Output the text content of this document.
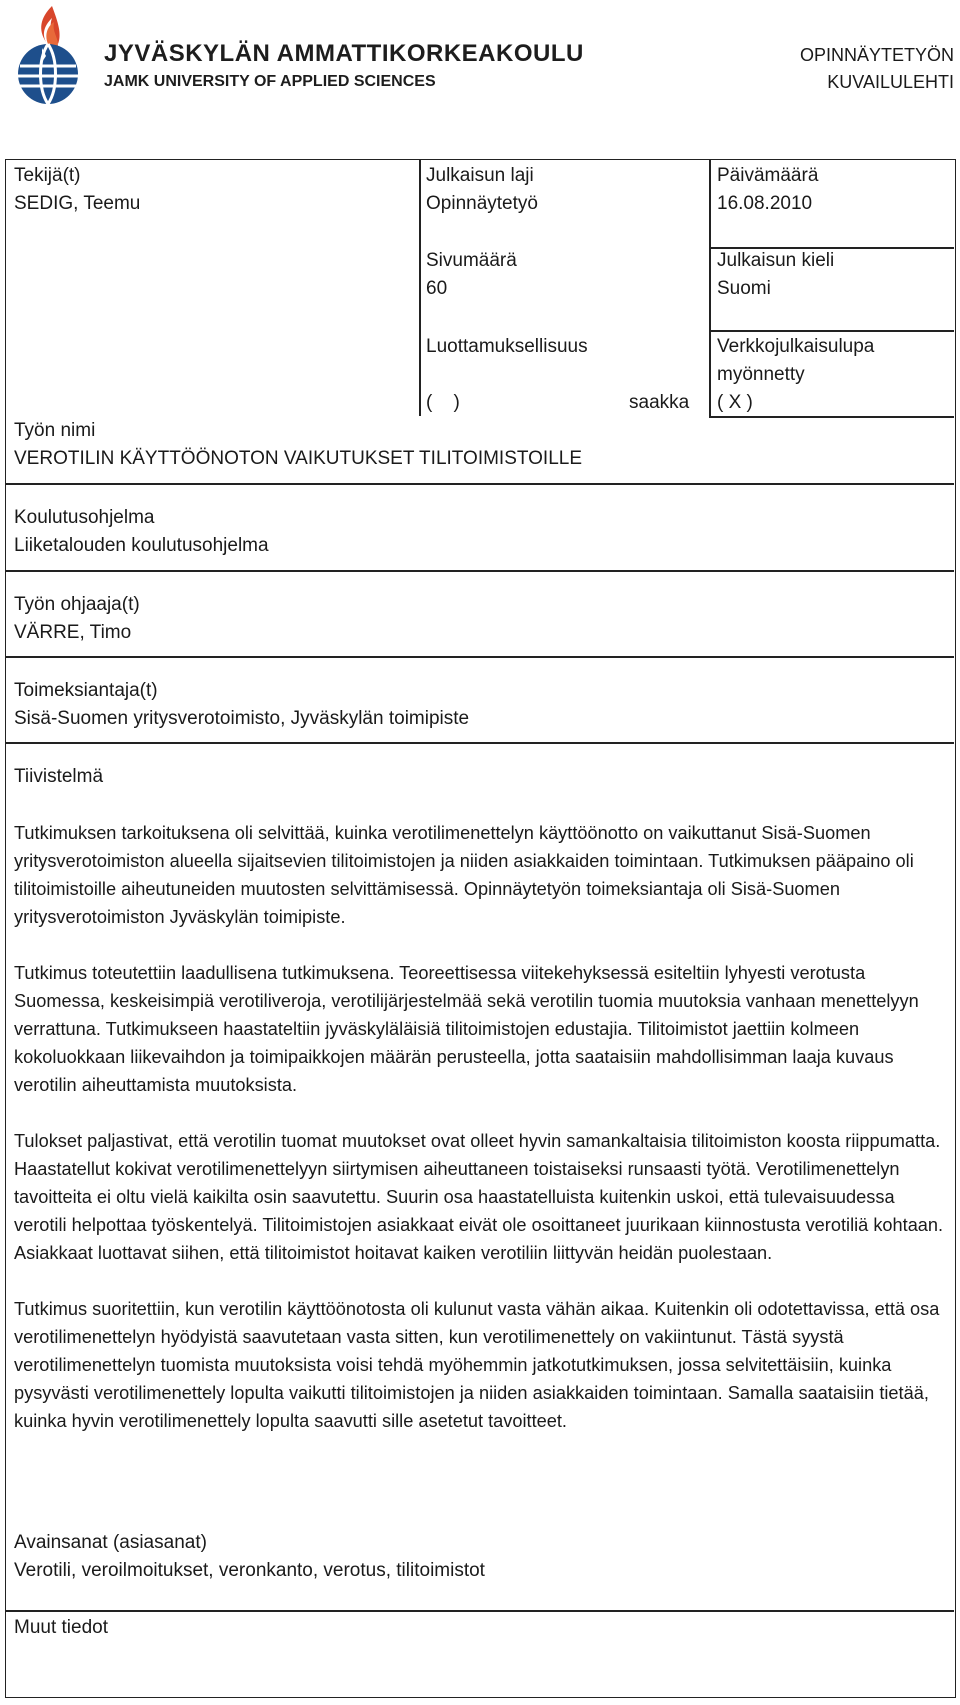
JYVÄSKYLÄN AMMATTIKORKEAKOULU
JAMK UNIVERSITY OF APPLIED SCIENCES
OPINNÄYTETYÖN
KUVAILULEHTI
Tekijä(t)
SEDIG, Teemu
Julkaisun laji
Opinnäytetyö
Päivämäärä
16.08.2010
Sivumäärä
60
Julkaisun kieli
Suomi
Luottamuksellisuus
(    )	saakka
Verkkojulkaisulupa
myönnetty
( X )
Työn nimi
VEROTILIN KÄYTTÖÖNOTON VAIKUTUKSET TILITOIMISTOILLE
Koulutusohjelma
Liiketalouden koulutusohjelma
Työn ohjaaja(t)
VÄRRE, Timo
Toimeksiantaja(t)
Sisä-Suomen yritysverotoimisto, Jyväskylän toimipiste
Tiivistelmä

Tutkimuksen tarkoituksena oli selvittää, kuinka verotilimenettelyn käyttöönotto on vaikuttanut Sisä-Suomen yritysverotoimiston alueella sijaitsevien tilitoimistojen ja niiden asiakkaiden toimintaan. Tutkimuksen pääpaino oli tilitoimistoille aiheutuneiden muutosten selvittämisessä. Opinnäytetyön toimeksiantaja oli Sisä-Suomen yritysverotoimiston Jyväskylän toimipiste.

Tutkimus toteutettiin laadullisena tutkimuksena. Teoreettisessa viitekehyksessä esiteltiin lyhyesti verotusta Suomessa, keskeisimpiä verotiliveroja, verotilijärjestelmää sekä verotilin tuomia muutoksia vanhaan menettelyyn verrattuna. Tutkimukseen haastateltiin jyväskyläläisiä tilitoimistojen edustajia. Tilitoimistot jaettiin kolmeen kokoluokkaan liikevaihdon ja toimipaikkojen määrän perusteella, jotta saataisiin mahdollisimman laaja kuvaus verotilin aiheuttamista muutoksista.

Tulokset paljastivat, että verotilin tuomat muutokset ovat olleet hyvin samankaltaisia tilitoimiston koosta riippumatta. Haastatellut kokivat verotilimenettelyyn siirtymisen aiheuttaneen toistaiseksi runsaasti työtä. Verotilimenettelyn tavoitteita ei oltu vielä kaikilta osin saavutettu. Suurin osa haastatelluista kuitenkin uskoi, että tulevaisuudessa verotili helpottaa työskentelyä. Tilitoimistojen asiakkaat eivät ole osoittaneet juurikaan kiinnostusta verotiliä kohtaan. Asiakkaat luottavat siihen, että tilitoimistot hoitavat kaiken verotiliin liittyvän heidän puolestaan.

Tutkimus suoritettiin, kun verotilin käyttöönotosta oli kulunut vasta vähän aikaa. Kuitenkin oli odotettavissa, että osa verotilimenettelyn hyödyistä saavutetaan vasta sitten, kun verotilimenettely on vakiintunut. Tästä syystä verotilimenettelyn tuomista muutoksista voisi tehdä myöhemmin jatkotutkimuksen, jossa selvitettäisiin, kuinka pysyvästi verotilimenettely lopulta vaikutti tilitoimistojen ja niiden asiakkaiden toimintaan. Samalla saataisiin tietää, kuinka hyvin verotilimenettely lopulta saavutti sille asetetut tavoitteet.

Avainsanat (asiasanat)
Verotili, veroilmoitukset, veronkanto, verotus, tilitoimistot
Muut tiedot
